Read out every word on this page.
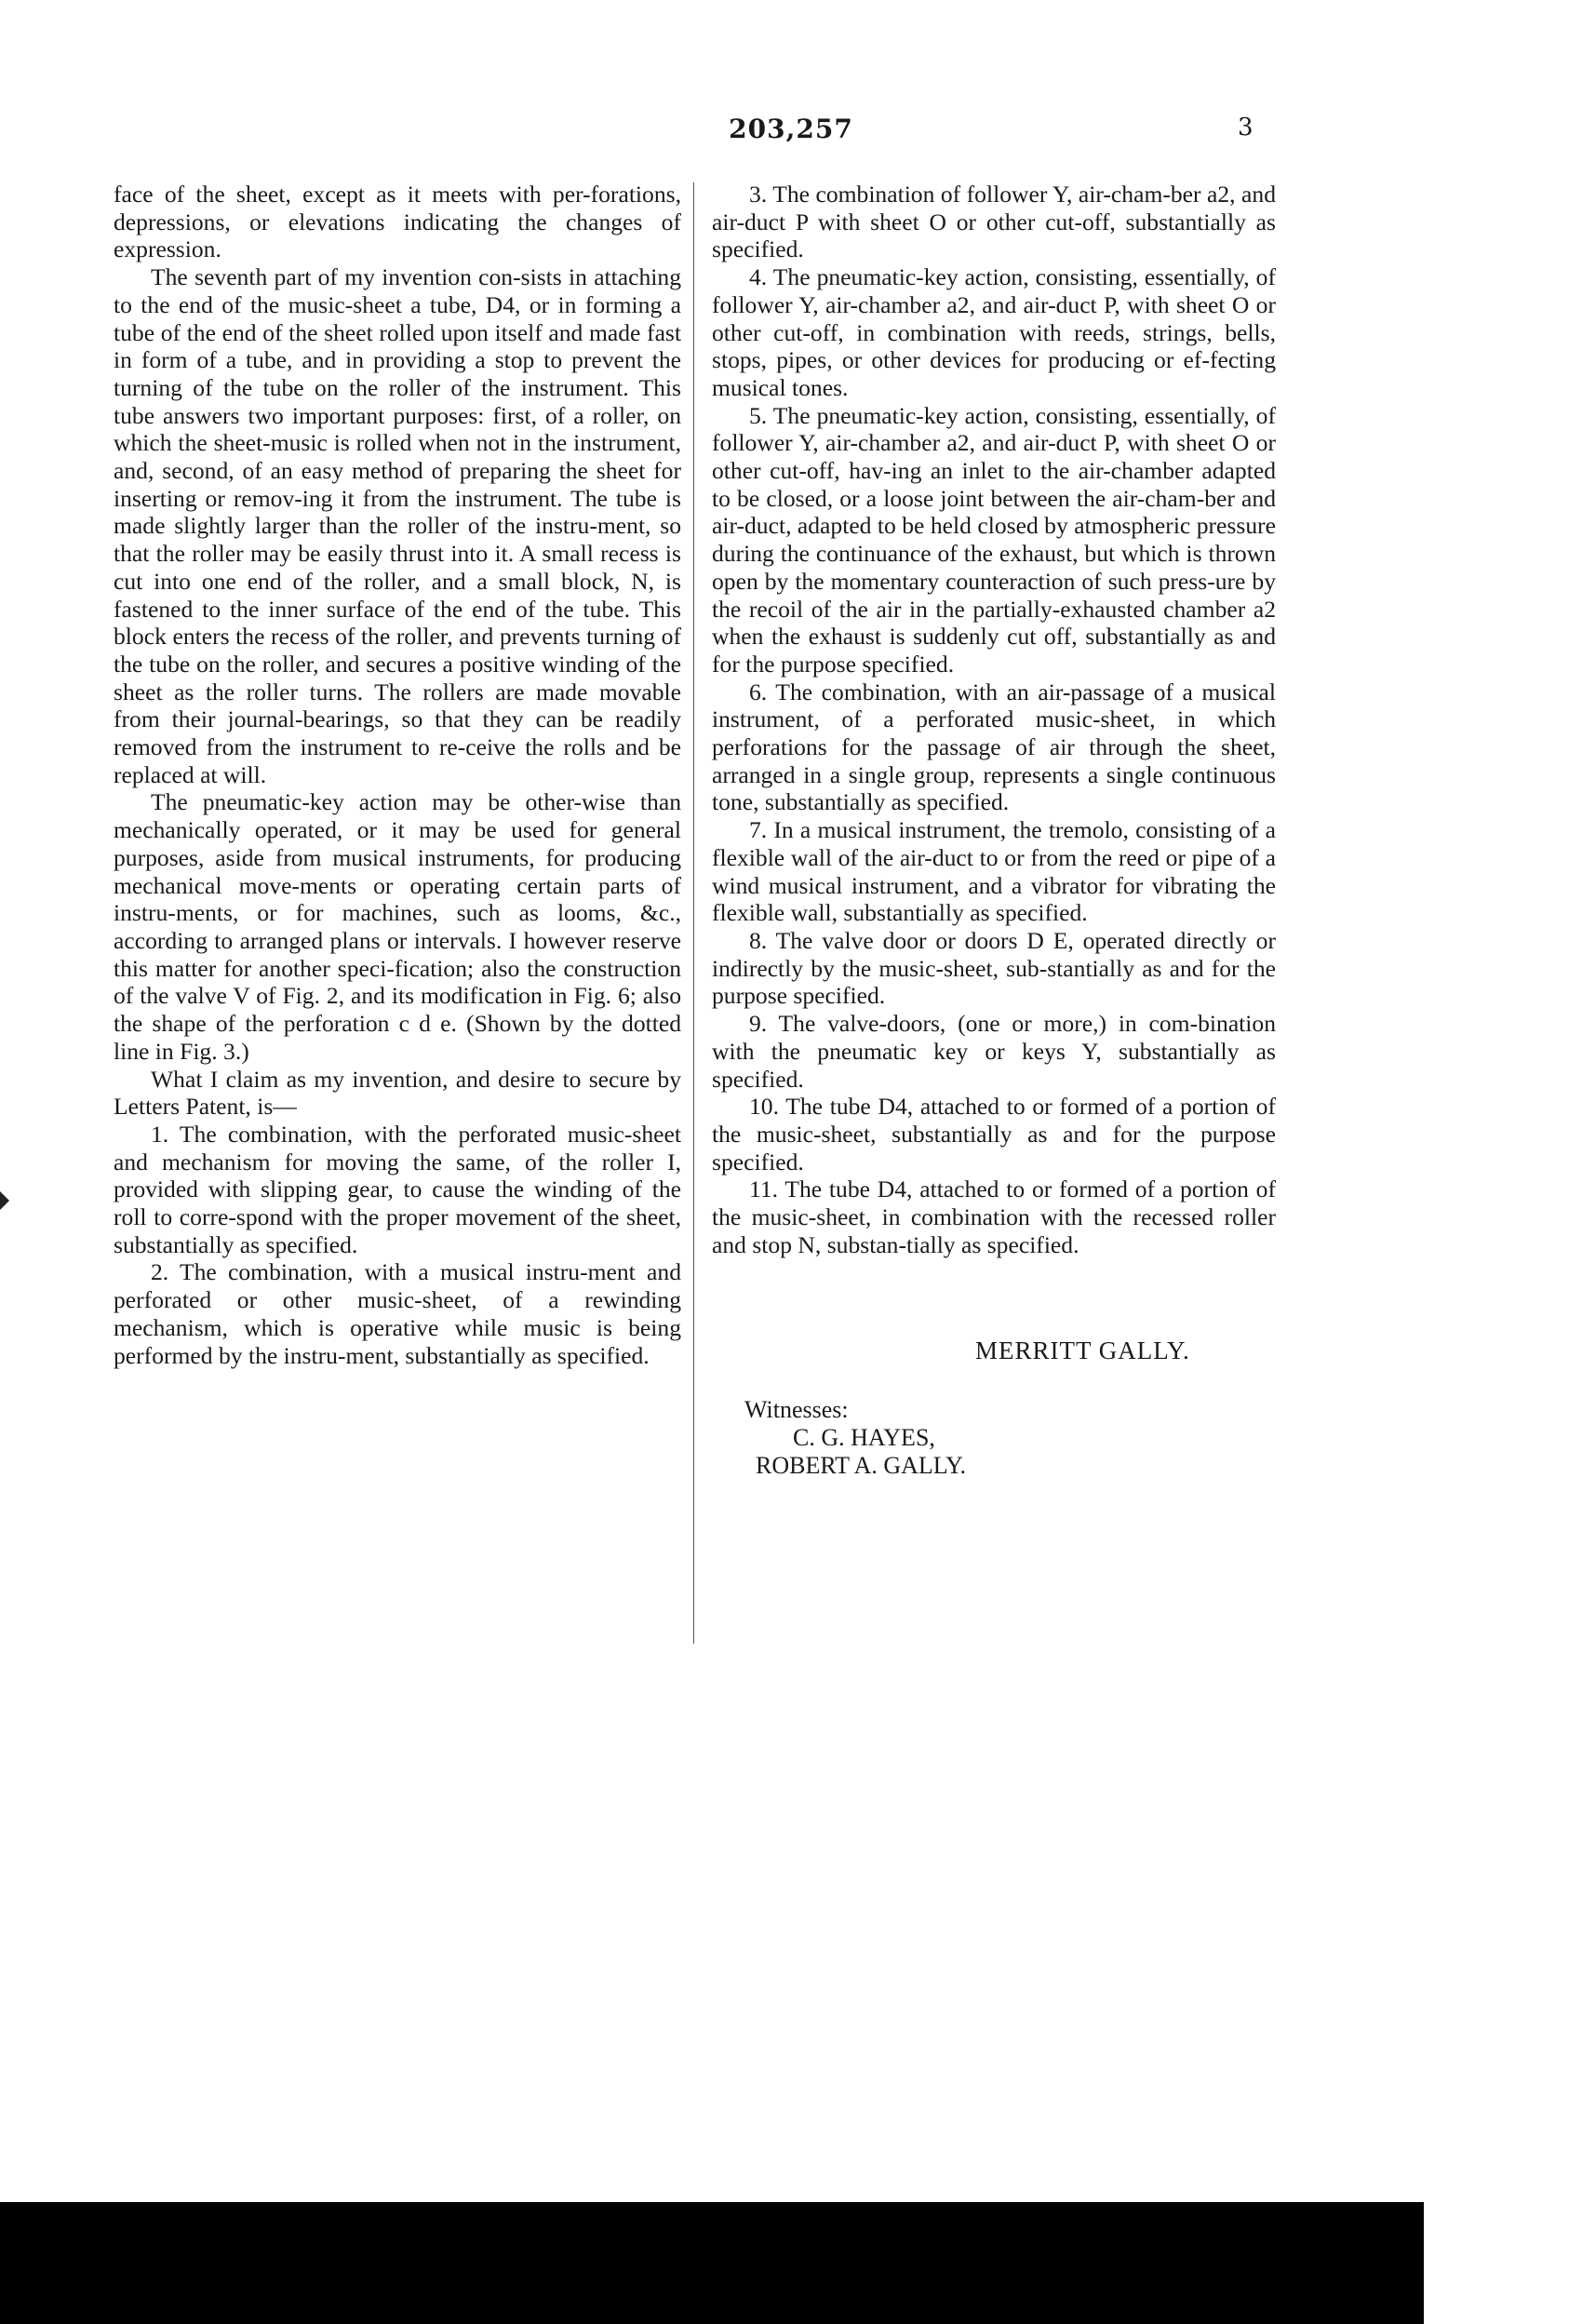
203,257	3

face of the sheet, except as it meets with per-forations, depressions, or elevations indicating the changes of expression.

The seventh part of my invention con-sists in attaching to the end of the music-sheet a tube, D4, or in forming a tube of the end of the sheet rolled upon itself and made fast in form of a tube, and in providing a stop to prevent the turning of the tube on the roller of the instrument. This tube answers two important purposes: first, of a roller, on which the sheet-music is rolled when not in the instrument, and, second, of an easy method of preparing the sheet for inserting or remov-ing it from the instrument. The tube is made slightly larger than the roller of the instru-ment, so that the roller may be easily thrust into it. A small recess is cut into one end of the roller, and a small block, N, is fastened to the inner surface of the end of the tube. This block enters the recess of the roller, and prevents turning of the tube on the roller, and secures a positive winding of the sheet as the roller turns. The rollers are made movable from their journal-bearings, so that they can be readily removed from the instrument to re-ceive the rolls and be replaced at will.

The pneumatic-key action may be other-wise than mechanically operated, or it may be used for general purposes, aside from musical instruments, for producing mechanical move-ments or operating certain parts of instru-ments, or for machines, such as looms, &c., according to arranged plans or intervals. I however reserve this matter for another speci-fication; also the construction of the valve V of Fig. 2, and its modification in Fig. 6; also the shape of the perforation c d e. (Shown by the dotted line in Fig. 3.)

What I claim as my invention, and desire to secure by Letters Patent, is—

1. The combination, with the perforated music-sheet and mechanism for moving the same, of the roller I, provided with slipping gear, to cause the winding of the roll to corre-spond with the proper movement of the sheet, substantially as specified.

2. The combination, with a musical instru-ment and perforated or other music-sheet, of a rewinding mechanism, which is operative while music is being performed by the instru-ment, substantially as specified.

3. The combination of follower Y, air-cham-ber a2, and air-duct P with sheet O or other cut-off, substantially as specified.

4. The pneumatic-key action, consisting, essentially, of follower Y, air-chamber a2, and air-duct P, with sheet O or other cut-off, in combination with reeds, strings, bells, stops, pipes, or other devices for producing or ef-fecting musical tones.

5. The pneumatic-key action, consisting, essentially, of follower Y, air-chamber a2, and air-duct P, with sheet O or other cut-off, hav-ing an inlet to the air-chamber adapted to be closed, or a loose joint between the air-cham-ber and air-duct, adapted to be held closed by atmospheric pressure during the continuance of the exhaust, but which is thrown open by the momentary counteraction of such press-ure by the recoil of the air in the partially-exhausted chamber a2 when the exhaust is suddenly cut off, substantially as and for the purpose specified.

6. The combination, with an air-passage of a musical instrument, of a perforated music-sheet, in which perforations for the passage of air through the sheet, arranged in a single group, represents a single continuous tone, substantially as specified.

7. In a musical instrument, the tremolo, consisting of a flexible wall of the air-duct to or from the reed or pipe of a wind musical instrument, and a vibrator for vibrating the flexible wall, substantially as specified.

8. The valve door or doors D E, operated directly or indirectly by the music-sheet, sub-stantially as and for the purpose specified.

9. The valve-doors, (one or more,) in com-bination with the pneumatic key or keys Y, substantially as specified.

10. The tube D4, attached to or formed of a portion of the music-sheet, substantially as and for the purpose specified.

11. The tube D4, attached to or formed of a portion of the music-sheet, in combination with the recessed roller and stop N, substan-tially as specified.

MERRITT GALLY.
Witnesses:
C. G. HAYES,
ROBERT A. GALLY.
